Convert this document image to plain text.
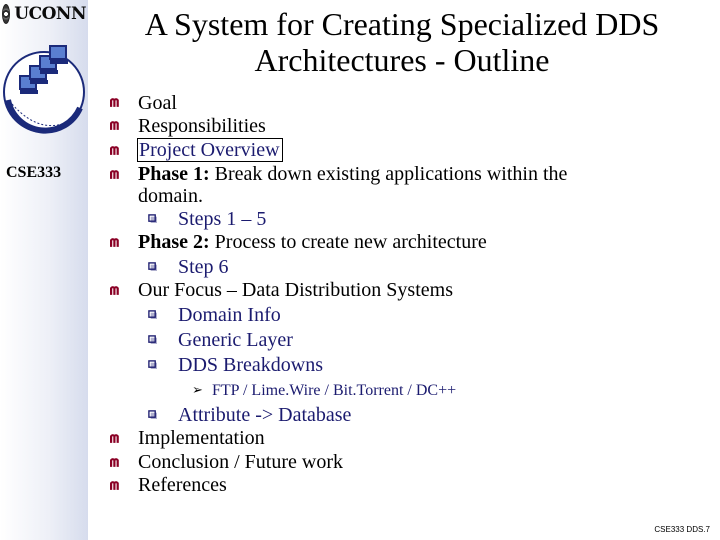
UCONN
CSE333
A System for Creating Specialized DDS
Architectures - Outline
Goal
Responsibilities
Project Overview
Phase 1: Break down existing applications within the
domain.
Steps 1 – 5
Phase 2: Process to create new architecture
Step 6
Our Focus – Data Distribution Systems
Domain Info
Generic Layer
DDS Breakdowns
➢ FTP / Lime.Wire / Bit.Torrent / DC++
Attribute -> Database
Implementation
Conclusion / Future work
References
CSE333 DDS.7
